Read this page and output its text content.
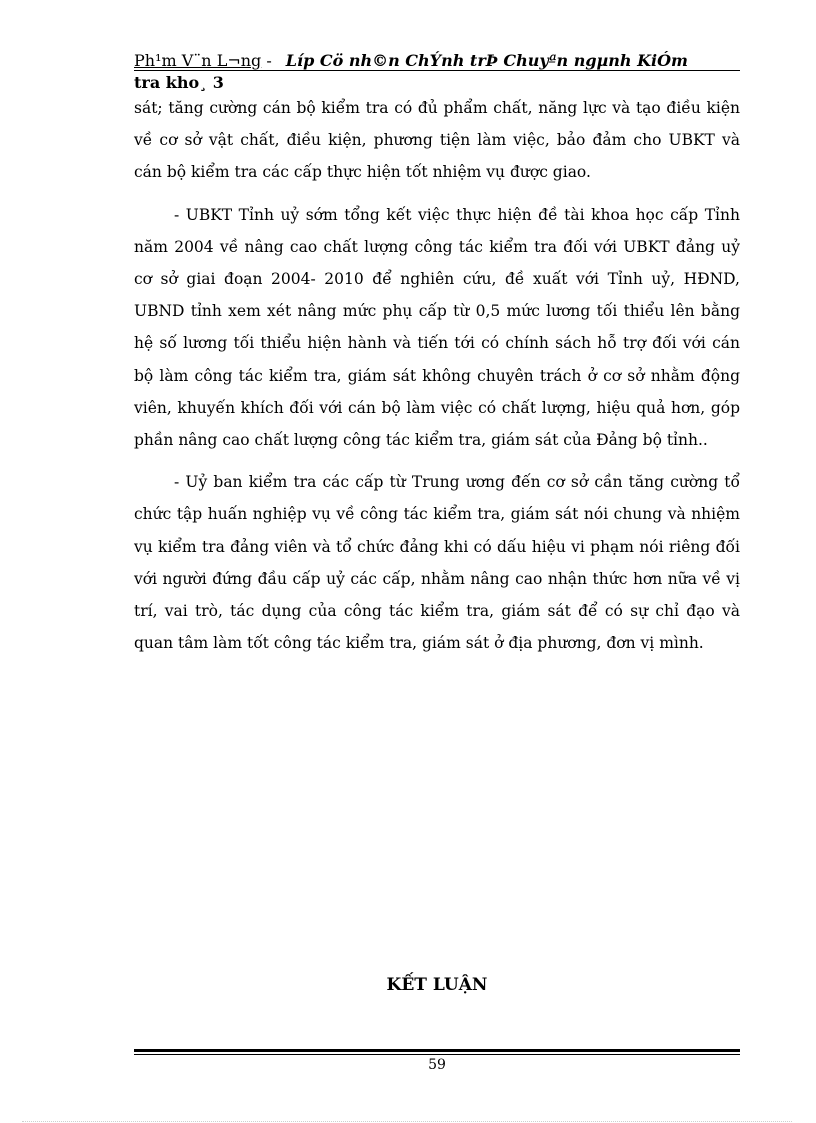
Ph¹m V¨n L¬ng - Líp Cö nh©n ChÝnh trÞ Chuyªn ngµnh KiÓm
tra kho¸ 3

sát; tăng cường cán bộ kiểm tra có đủ phẩm chất, năng lực và tạo điều kiện về cơ sở vật chất, điều kiện, phương tiện làm việc, bảo đảm cho UBKT và cán bộ kiểm tra các cấp thực hiện tốt nhiệm vụ được giao.

- UBKT Tỉnh uỷ sớm tổng kết việc thực hiện đề tài khoa học cấp Tỉnh năm 2004 về nâng cao chất lượng công tác kiểm tra đối với UBKT đảng uỷ cơ sở giai đoạn 2004- 2010 để nghiên cứu, đề xuất với Tỉnh uỷ, HĐND, UBND tỉnh xem xét nâng mức phụ cấp từ 0,5 mức lương tối thiểu lên bằng hệ số lương tối thiểu hiện hành và tiến tới có chính sách hỗ trợ đối với cán bộ làm công tác kiểm tra, giám sát không chuyên trách ở cơ sở nhằm động viên, khuyến khích đối với cán bộ làm việc có chất lượng, hiệu quả hơn, góp phần nâng cao chất lượng công tác kiểm tra, giám sát của Đảng bộ tỉnh..

- Uỷ ban kiểm tra các cấp từ Trung ương đến cơ sở cần tăng cường tổ chức tập huấn nghiệp vụ về công tác kiểm tra, giám sát nói chung và nhiệm vụ kiểm tra đảng viên và tổ chức đảng khi có dấu hiệu vi phạm nói riêng đối với người đứng đầu cấp uỷ các cấp, nhằm nâng cao nhận thức hơn nữa về vị trí, vai trò, tác dụng của công tác kiểm tra, giám sát để có sự chỉ đạo và quan tâm làm tốt công tác kiểm tra, giám sát ở địa phương, đơn vị mình.

KẾT LUẬN
59
